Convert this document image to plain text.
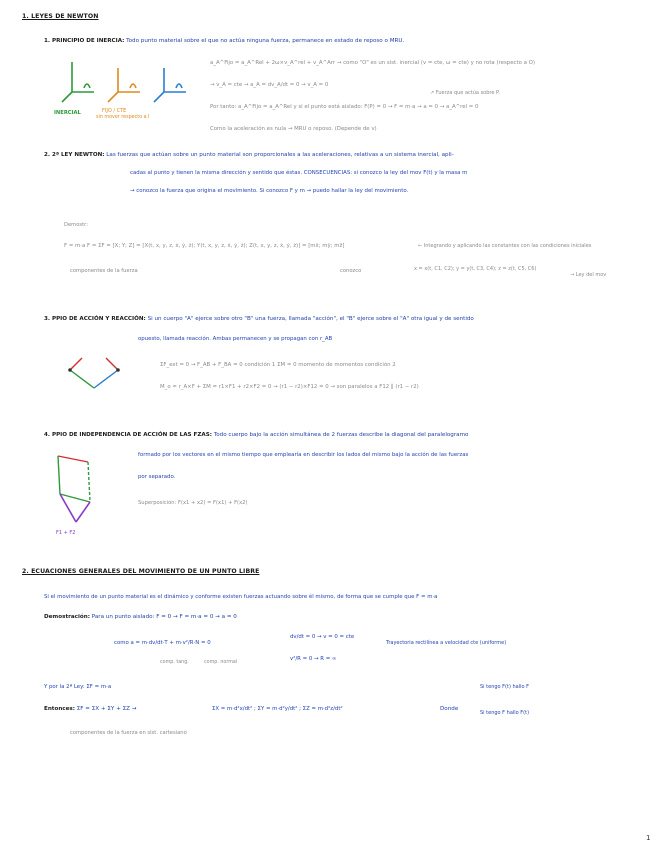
1. LEYES DE NEWTON
1. PRINCIPIO DE INERCIA: Todo punto material sobre el que no actúa ninguna fuerza, permanece en estado de reposo o MRU.
INERCIAL	FIJO / CTE
sin mover respecto a I
a_A^Fijo = a_A^Rel + 2ω×v_A^rel + v_A^Arr → como "O" es un sist. inercial (v = cte, ω = cte) y no rota (respecto a O)
→ v_A = cte → a_A = dv_A/dt = 0 → v_A = 0
↗ Fuerza que actúa sobre P.
Por tanto: a_A^Fijo = a_A^Rel y si el punto está aislado: F(P) = 0 → F = m·a → a = 0 → a_A^rel = 0
Como la aceleración es nula → MRU o reposo. (Depende de v)
2. 2ª LEY NEWTON: Las fuerzas que actúan sobre un punto material son proporcionales a las aceleraciones, relativas a un sistema inercial, apli-
cadas al punto y tienen la misma dirección y sentido que éstas. CONSECUENCIAS: si conozco la ley del mov F(t) y la masa m
→ conozco la fuerza que origina el movimiento. Si conozco F y m → puedo hallar la ley del movimiento.
Demostr:
F = m·a F = ΣF = [X; Y; Z] = [X(t, x, y, z, ẋ, ẏ, ż); Y(t, x, y, z, ẋ, ẏ, ż); Z(t, x, y, z, ẋ, ẏ, ż)] = [mẍ; mÿ; mz̈]	← Integrando y aplicando las constantes con las condiciones iniciales
componentes de la fuerza	conozco	x = x(t, C1, C2); y = y(t, C3, C4); z = z(t, C5, C6)
→ Ley del mov
3. PPIO DE ACCIÓN Y REACCIÓN: Si un cuerpo "A" ejerce sobre otro "B" una fuerza, llamada "acción", el "B" ejerce sobre el "A" otra igual y de sentido
opuesto, llamada reacción. Ambas permanecen y se propagan con r_AB
ΣF_ext = 0 → F_AB + F_BA = 0 condición 1 ΣM = 0 momento de momentos condición 2
M_o = r_A×F + ΣM = r1×F1 + r2×F2 = 0 → (r1 − r2)×F12 = 0 → son paralelos a F12 ∥ (r1 − r2)
4. PPIO DE INDEPENDENCIA DE ACCIÓN DE LAS FZAS: Todo cuerpo bajo la acción simultánea de 2 fuerzas describe la diagonal del paralelogramo
formado por los vectores en el mismo tiempo que emplearía en describir los lados del mismo bajo la acción de las fuerzas
por separado.
Superposición: F(x1 + x2) = F(x1) + F(x2)
F1 + F2
2. ECUACIONES GENERALES DEL MOVIMIENTO DE UN PUNTO LIBRE
Si el movimiento de un punto material es el dinámico y conforme existen fuerzas actuando sobre él mismo, de forma que se cumple que F = m·a
Demostración: Para un punto aislado: F = 0 → F = m·a = 0 → a = 0
como a = m·dv/dt·T + m·v²/R·N = 0
comp. tang.	comp. normal
dv/dt = 0 → v = 0 = cte
v²/R = 0 → R = ∞
Trayectoria rectilínea a velocidad cte (uniforme)
Y por la 2ª Ley: ΣF = m·a
Entonces: ΣF = ΣX + ΣY + ΣZ →	ΣX = m·d²x/dt² ; ΣY = m·d²y/dt² ; ΣZ = m·d²z/dt²	Donde
Si tengo F(t) hallo F
Si tengo F hallo F(t)
componentes de la fuerza en sist. cartesiano
1
